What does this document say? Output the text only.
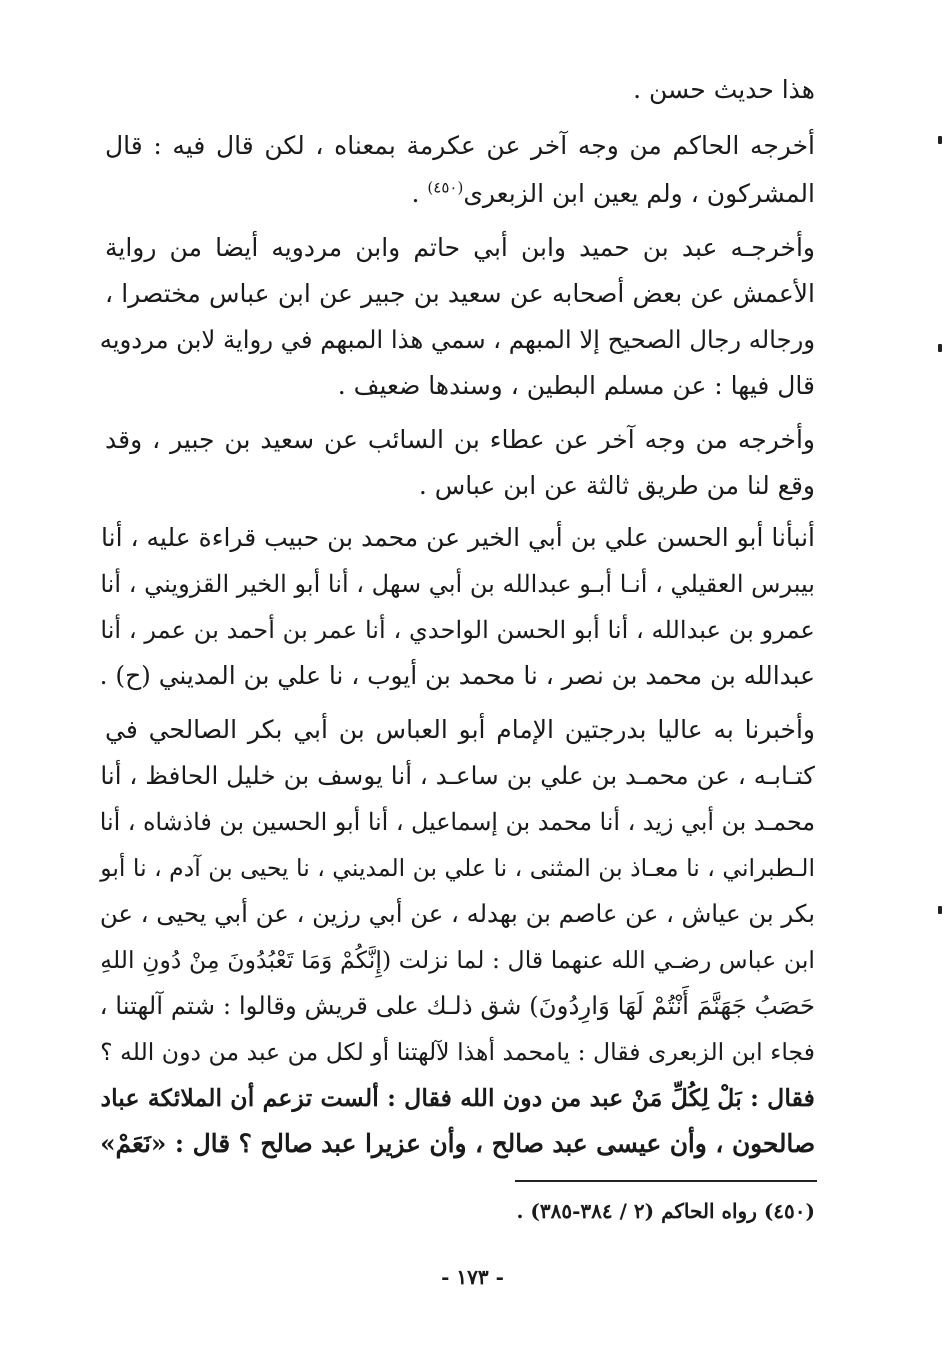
هذا حديث حسن .
أخرجه الحاكم من وجه آخر عن عكرمة بمعناه ، لكن قال فيه : قال
المشركون ، ولم يعين ابن الزبعرى$^{(٤٥٠)}$ .
وأخرجـه عبد بن حميد وابن أبي حاتم وابن مردويه أيضا من رواية
الأعمش عن بعض أصحابه عن سعيد بن جبير عن ابن عباس مختصرا ،
ورجاله رجال الصحيح إلا المبهم ، سمي هذا المبهم في رواية لابن مردويه
قال فيها : عن مسلم البطين ، وسندها ضعيف .
وأخرجه من وجه آخر عن عطاء بن السائب عن سعيد بن جبير ، وقد
وقع لنا من طريق ثالثة عن ابن عباس .
أنبأنا أبو الحسن علي بن أبي الخير عن محمد بن حبيب قراءة عليه ، أنا
بيبرس العقيلي ، أنـا أبـو عبدالله بن أبي سهل ، أنا أبو الخير القزويني ، أنا
عمرو بن عبدالله ، أنا أبو الحسن الواحدي ، أنا عمر بن أحمد بن عمر ، أنا
عبدالله بن محمد بن نصر ، نا محمد بن أيوب ، نا علي بن المديني (ح) .
وأخبرنا به عاليا بدرجتين الإمام أبو العباس بن أبي بكر الصالحي في
كتـابـه ، عن محمـد بن علي بن ساعـد ، أنا يوسف بن خليل الحافظ ، أنا
محمـد بن أبي زيد ، أنا محمد بن إسماعيل ، أنا أبو الحسين بن فاذشاه ، أنا
الـطبراني ، نا معـاذ بن المثنى ، نا علي بن المديني ، نا يحيى بن آدم ، نا أبو
بكر بن عياش ، عن عاصم بن بهدله ، عن أبي رزين ، عن أبي يحيى ، عن
ابن عباس رضـي الله عنهما قال : لما نزلت (إِنَّكُمْ وَمَا تَعْبُدُونَ مِنْ دُونِ اللهِ
حَصَبُ جَهَنَّمَ أَنْتُمْ لَهَا وَارِدُونَ) شق ذلـك على قريش وقالوا : شتم آلهتنا ،
فجاء ابن الزبعرى فقال : يامحمد أهذا لآلهتنا أو لكل من عبد من دون الله ؟
فقال : بَلْ لِكُلِّ مَنْ عبد من دون الله فقال : ألست تزعم أن الملائكة عباد
صالحون ، وأن عيسى عبد صالح ، وأن عزيرا عبد صالح ؟ قال : «نَعَمْ»
(٤٥٠) رواه الحاكم (٢ / ٣٨٤-٣٨٥) .
- ١٧٣ -
